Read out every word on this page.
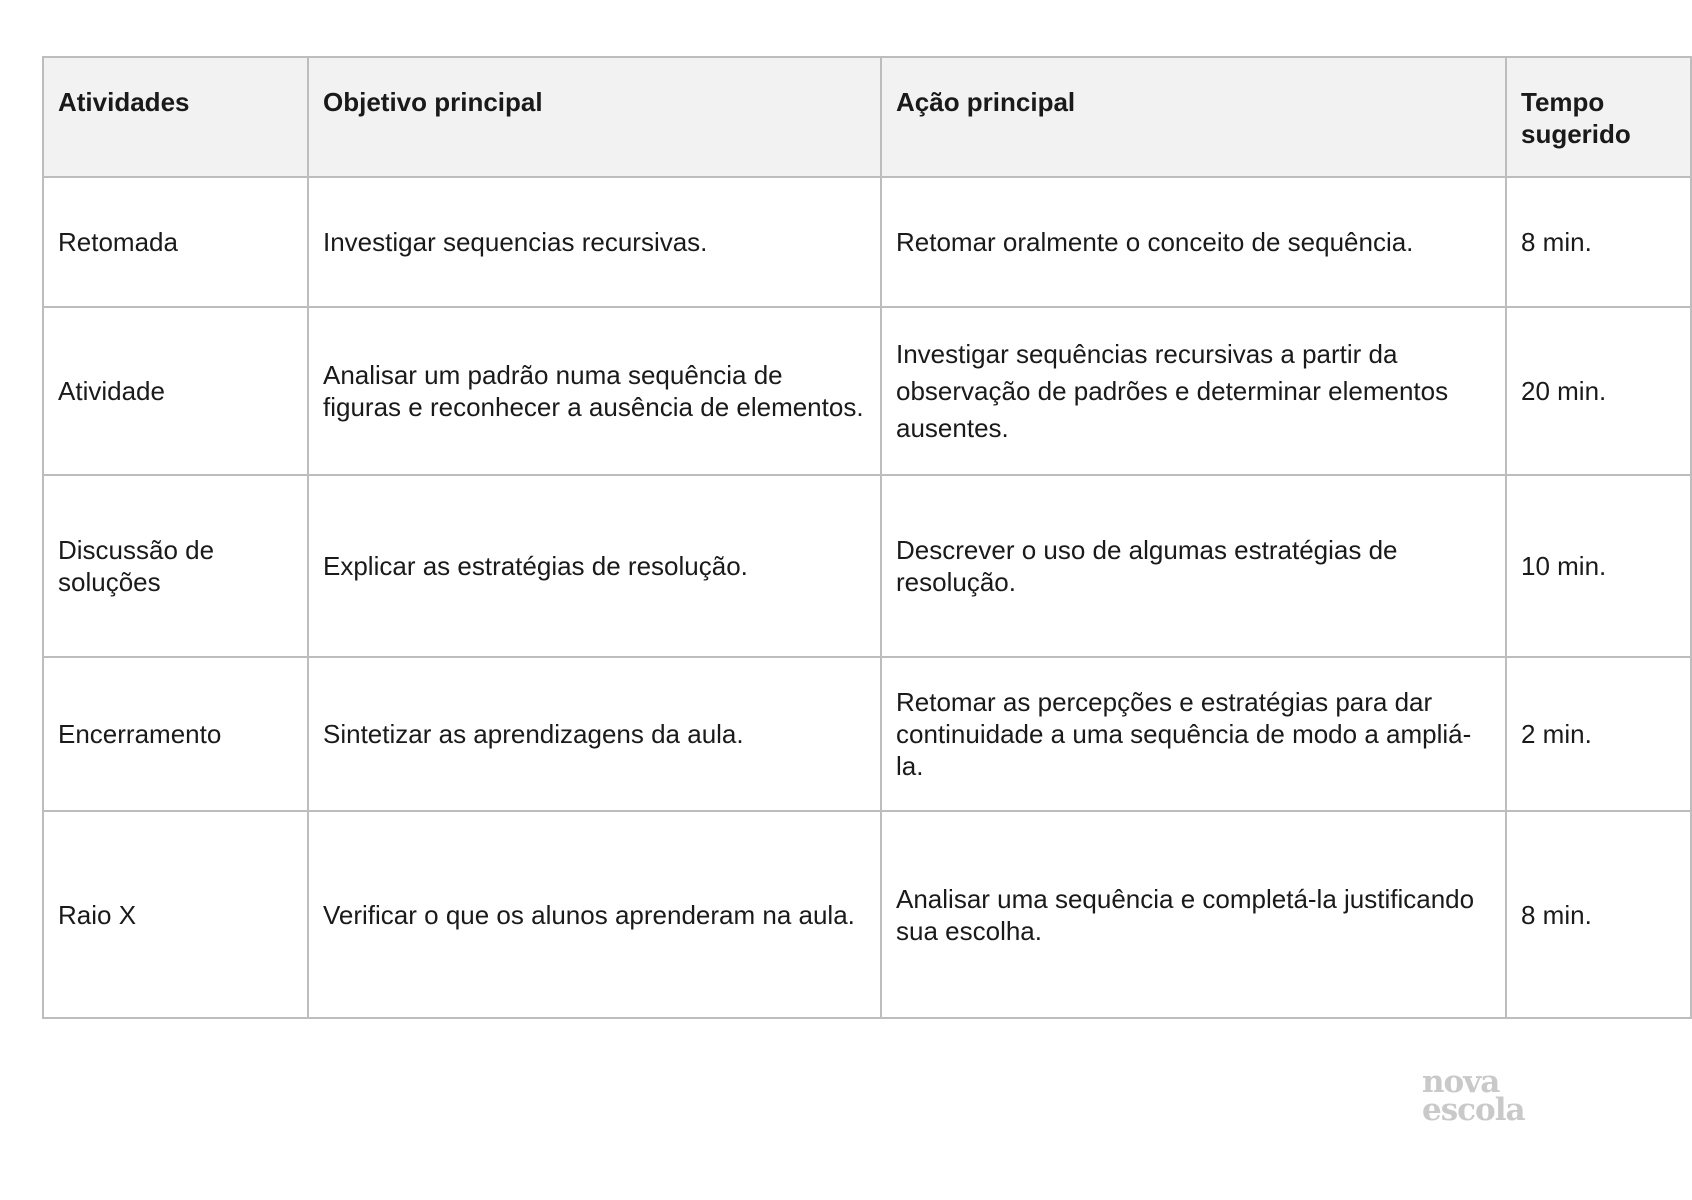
Atividades	Objetivo principal	Ação principal	Tempo sugerido
Retomada	Investigar sequencias recursivas.	Retomar oralmente o conceito de sequência.	8 min.
Atividade	Analisar um padrão numa sequência de figuras e reconhecer a ausência de elementos.	Investigar sequências recursivas a partir da observação de padrões e determinar elementos ausentes.	20 min.
Discussão de soluções	Explicar as estratégias de resolução.	Descrever o uso de algumas estratégias de resolução.	10 min.
Encerramento	Sintetizar as aprendizagens da aula.	Retomar as percepções e estratégias para dar continuidade a uma sequência de modo a ampliá-la.	2 min.
Raio X	Verificar o que os alunos aprenderam na aula.	Analisar uma sequência e completá-la justificando sua escolha.	8 min.
nova
escola
